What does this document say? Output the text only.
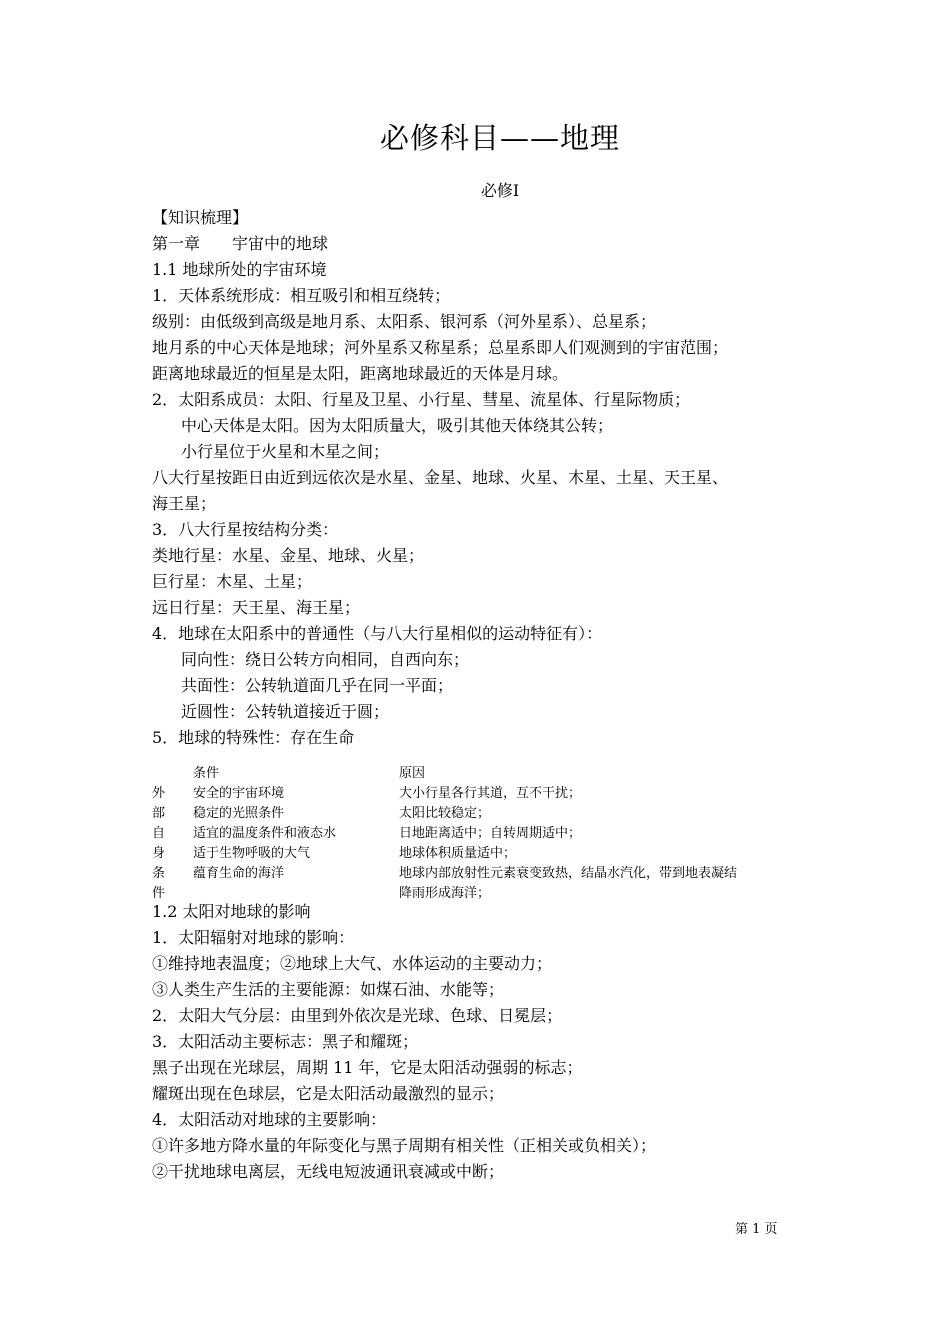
必修科目——地理
必修Ⅰ
【知识梳理】
第一章　　宇宙中的地球
1.1 地球所处的宇宙环境
1．天体系统形成：相互吸引和相互绕转；
级别：由低级到高级是地月系、太阳系、银河系（河外星系）、总星系；
地月系的中心天体是地球；河外星系又称星系；总星系即人们观测到的宇宙范围；
距离地球最近的恒星是太阳，距离地球最近的天体是月球。
2．太阳系成员：太阳、行星及卫星、小行星、彗星、流星体、行星际物质；
中心天体是太阳。因为太阳质量大，吸引其他天体绕其公转；
小行星位于火星和木星之间；
八大行星按距日由近到远依次是水星、金星、地球、火星、木星、土星、天王星、
海王星；
3．八大行星按结构分类：
类地行星：水星、金星、地球、火星；
巨行星：木星、土星；
远日行星：天王星、海王星；
4．地球在太阳系中的普通性（与八大行星相似的运动特征有）：
同向性：绕日公转方向相同，自西向东；
共面性：公转轨道面几乎在同一平面；
近圆性：公转轨道接近于圆；
5．地球的特殊性：存在生命
条件	原因
外 安全的宇宙环境	大小行星各行其道，互不干扰；
部 稳定的光照条件	太阳比较稳定；
自 适宜的温度条件和液态水	日地距离适中；自转周期适中；
身 适于生物呼吸的大气	地球体积质量适中；
条 蕴育生命的海洋	地球内部放射性元素衰变致热，结晶水汽化，带到地表凝结
件	降雨形成海洋；
1.2 太阳对地球的影响
1．太阳辐射对地球的影响：
①维持地表温度；②地球上大气、水体运动的主要动力；
③人类生产生活的主要能源：如煤石油、水能等；
2．太阳大气分层：由里到外依次是光球、色球、日冕层；
3．太阳活动主要标志：黑子和耀斑；
黑子出现在光球层，周期 11 年，它是太阳活动强弱的标志；
耀斑出现在色球层，它是太阳活动最激烈的显示；
4．太阳活动对地球的主要影响：
①许多地方降水量的年际变化与黑子周期有相关性（正相关或负相关）；
②干扰地球电离层，无线电短波通讯衰减或中断；
第 1 页
